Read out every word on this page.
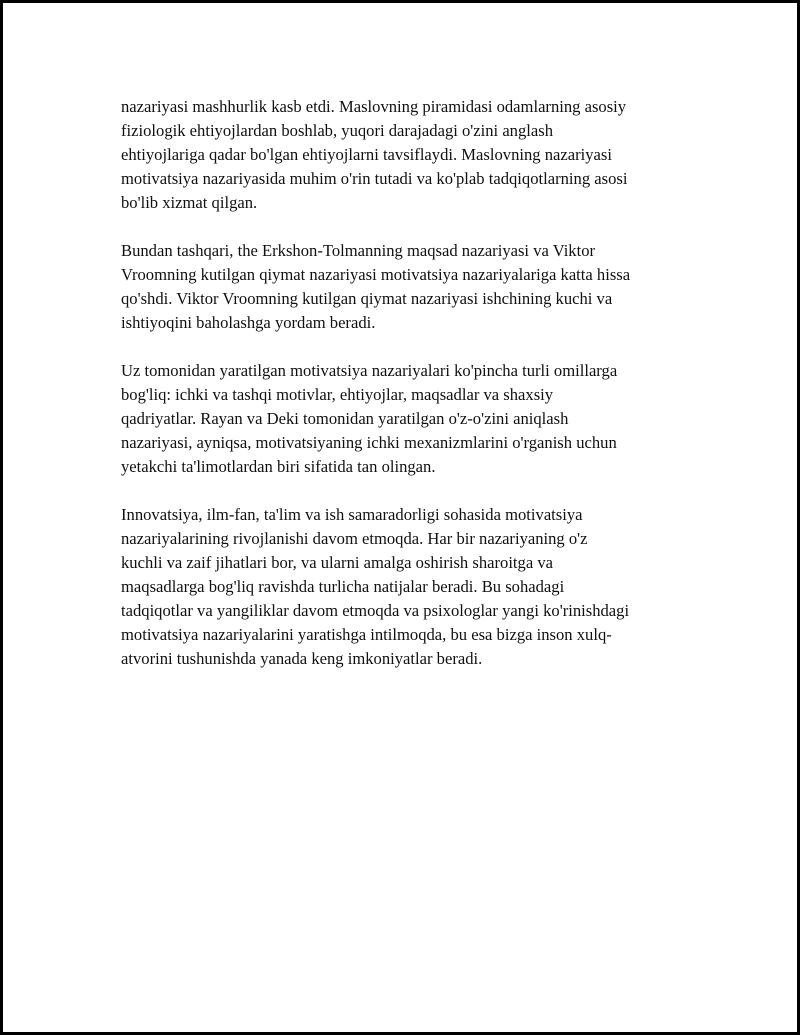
nazariyasi mashhurlik kasb etdi. Maslovning piramidasi odamlarning asosiy
fiziologik ehtiyojlardan boshlab, yuqori darajadagi o'zini anglash
ehtiyojlariga qadar bo'lgan ehtiyojlarni tavsiflaydi. Maslovning nazariyasi
motivatsiya nazariyasida muhim o'rin tutadi va ko'plab tadqiqotlarning asosi
bo'lib xizmat qilgan.

Bundan tashqari, the Erkshon-Tolmanning maqsad nazariyasi va Viktor
Vroomning kutilgan qiymat nazariyasi motivatsiya nazariyalariga katta hissa
qo'shdi. Viktor Vroomning kutilgan qiymat nazariyasi ishchining kuchi va
ishtiyoqini baholashga yordam beradi.

Uz tomonidan yaratilgan motivatsiya nazariyalari ko'pincha turli omillarga
bog'liq: ichki va tashqi motivlar, ehtiyojlar, maqsadlar va shaxsiy
qadriyatlar. Rayan va Deki tomonidan yaratilgan o'z-o'zini aniqlash
nazariyasi, ayniqsa, motivatsiyaning ichki mexanizmlarini o'rganish uchun
yetakchi ta'limotlardan biri sifatida tan olingan.

Innovatsiya, ilm-fan, ta'lim va ish samaradorligi sohasida motivatsiya
nazariyalarining rivojlanishi davom etmoqda. Har bir nazariyaning o'z
kuchli va zaif jihatlari bor, va ularni amalga oshirish sharoitga va
maqsadlarga bog'liq ravishda turlicha natijalar beradi. Bu sohadagi
tadqiqotlar va yangiliklar davom etmoqda va psixologlar yangi ko'rinishdagi
motivatsiya nazariyalarini yaratishga intilmoqda, bu esa bizga inson xulq-
atvorini tushunishda yanada keng imkoniyatlar beradi.
